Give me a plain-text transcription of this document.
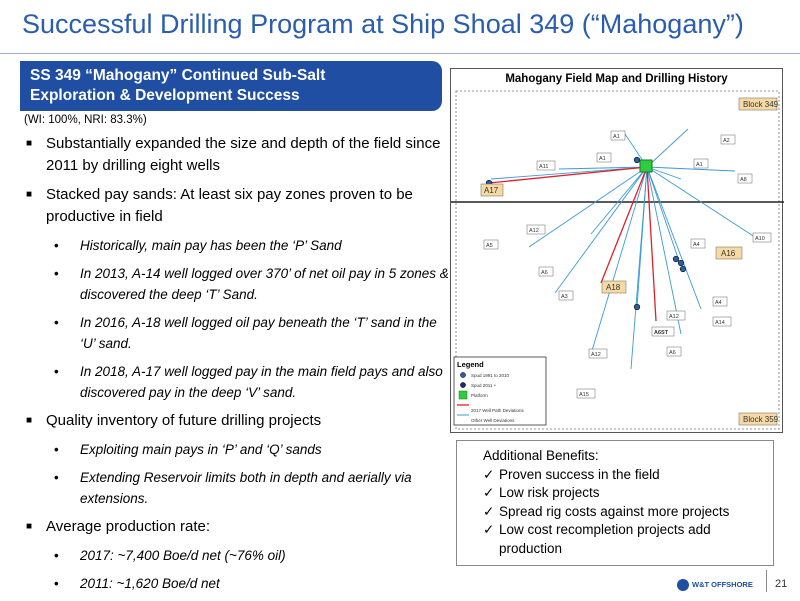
Successful Drilling Program at Ship Shoal 349 (“Mahogany”)
SS 349 “Mahogany” Continued Sub-Salt
Exploration & Development Success
(WI: 100%, NRI: 83.3%)
■ Substantially expanded the size and depth of the field since 2011 by drilling eight wells
■ Stacked pay sands: At least six pay zones proven to be productive in field
• Historically, main pay has been the ‘P’ Sand
• In 2013, A-14 well logged over 370’ of net oil pay in 5 zones & discovered the deep ‘T’ Sand.
• In 2016, A-18 well logged oil pay beneath the ‘T’ sand in the ‘U’ sand.
• In 2018, A-17 well logged pay in the main field pays and also discovered pay in the deep ‘V’ sand.
■ Quality inventory of future drilling projects
• Exploiting main pays in ‘P’ and ‘Q’ sands
• Extending Reservoir limits both in depth and aerially via extensions.
■ Average production rate:
• 2017: ~7,400 Boe/d net (~76% oil)
• 2011: ~1,620 Boe/d net
A1
A2
A1
A1
A11
A8
A17
A12
A5	A4
A16
A10
A6
A3
A18
A4
A12
A14
A6ST
A12	A6
A15
Block 349
Block 359
Legend
Spud 1991 to 2010
Spud 2011 +
Platform
2017 Well Path Deviations
Other Well Deviations
Mahogany Field Map and Drilling History
Additional Benefits:
✓ Proven success in the field
✓ Low risk projects
✓ Spread rig costs against more projects
✓ Low cost recompletion projects add production
W&T OFFSHORE 21
